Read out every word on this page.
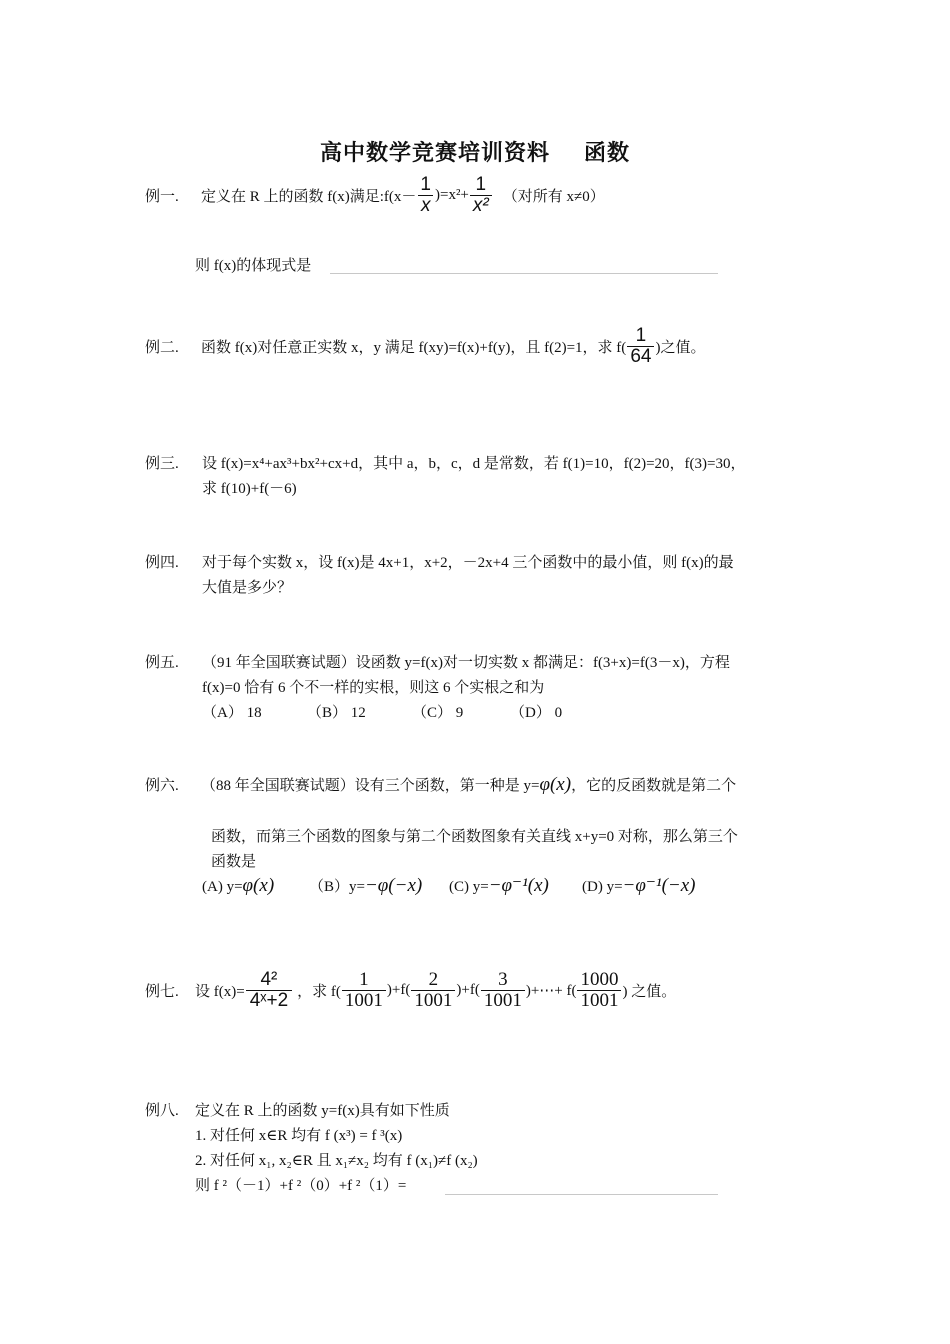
高中数学竞赛培训资料 函数
例一. 定义在 R 上的函数 f(x)满足:f(x－ $\frac{1}{x} )=x^2+ \frac{1}{\text{x²}}$ （对所有 x≠0）
则 f(x)的体现式是
例二. 函数 f(x)对任意正实数 x，y 满足 f(xy)=f(x)+f(y)，且 f(2)=1，求 $f( \frac{1}{64}$ )之值。
例三. 设 f(x)=x⁴+ax³+bx²+cx+d，其中 a，b，c，d 是常数，若 f(1)=10，f(2)=20，f(3)=30，
求 f(10)+f(－6)
例四. 对于每个实数 x，设 f(x)是 4x+1，x+2，－2x+4 三个函数中的最小值，则 f(x)的最
大值是多少？
例五. （91 年全国联赛试题）设函数 y=f(x)对一切实数 x 都满足：f(3+x)=f(3－x)，方程
f(x)=0 恰有 6 个不一样的实根，则这 6 个实根之和为
（A） 18	（B） 12	（C） 9	（D） 0
例六. （88 年全国联赛试题）设有三个函数，第一种是 y=φ(x)，它的反函数就是第二个
函数，而第三个函数的图象与第二个函数图象有关直线 x+y=0 对称，那么第三个
函数是
(A) y=φ(x) （B）y=−φ(−x) (C) y=−φ⁻¹(x) (D) y=−φ⁻¹(−x)
例七. 设 $f(x)= \frac{\text{4²}}{\text{4ˣ+2}}$ ，求 $f( \frac{1}{1001} )+f( \frac{2}{1001} )+f( \frac{3}{1001}$ )+⋯+ $f( \frac{1000}{1001}$ ) 之值。
例八. 定义在 R 上的函数 y=f(x)具有如下性质
1. 对任何 x∈R 均有 f (x³) = f ³(x)
2. 对任何 x₁, x₂∈R 且 x₁≠x₂ 均有 f (x₁)≠f (x₂)
则 f ²（－1）+f ²（0）+f ²（1）=
